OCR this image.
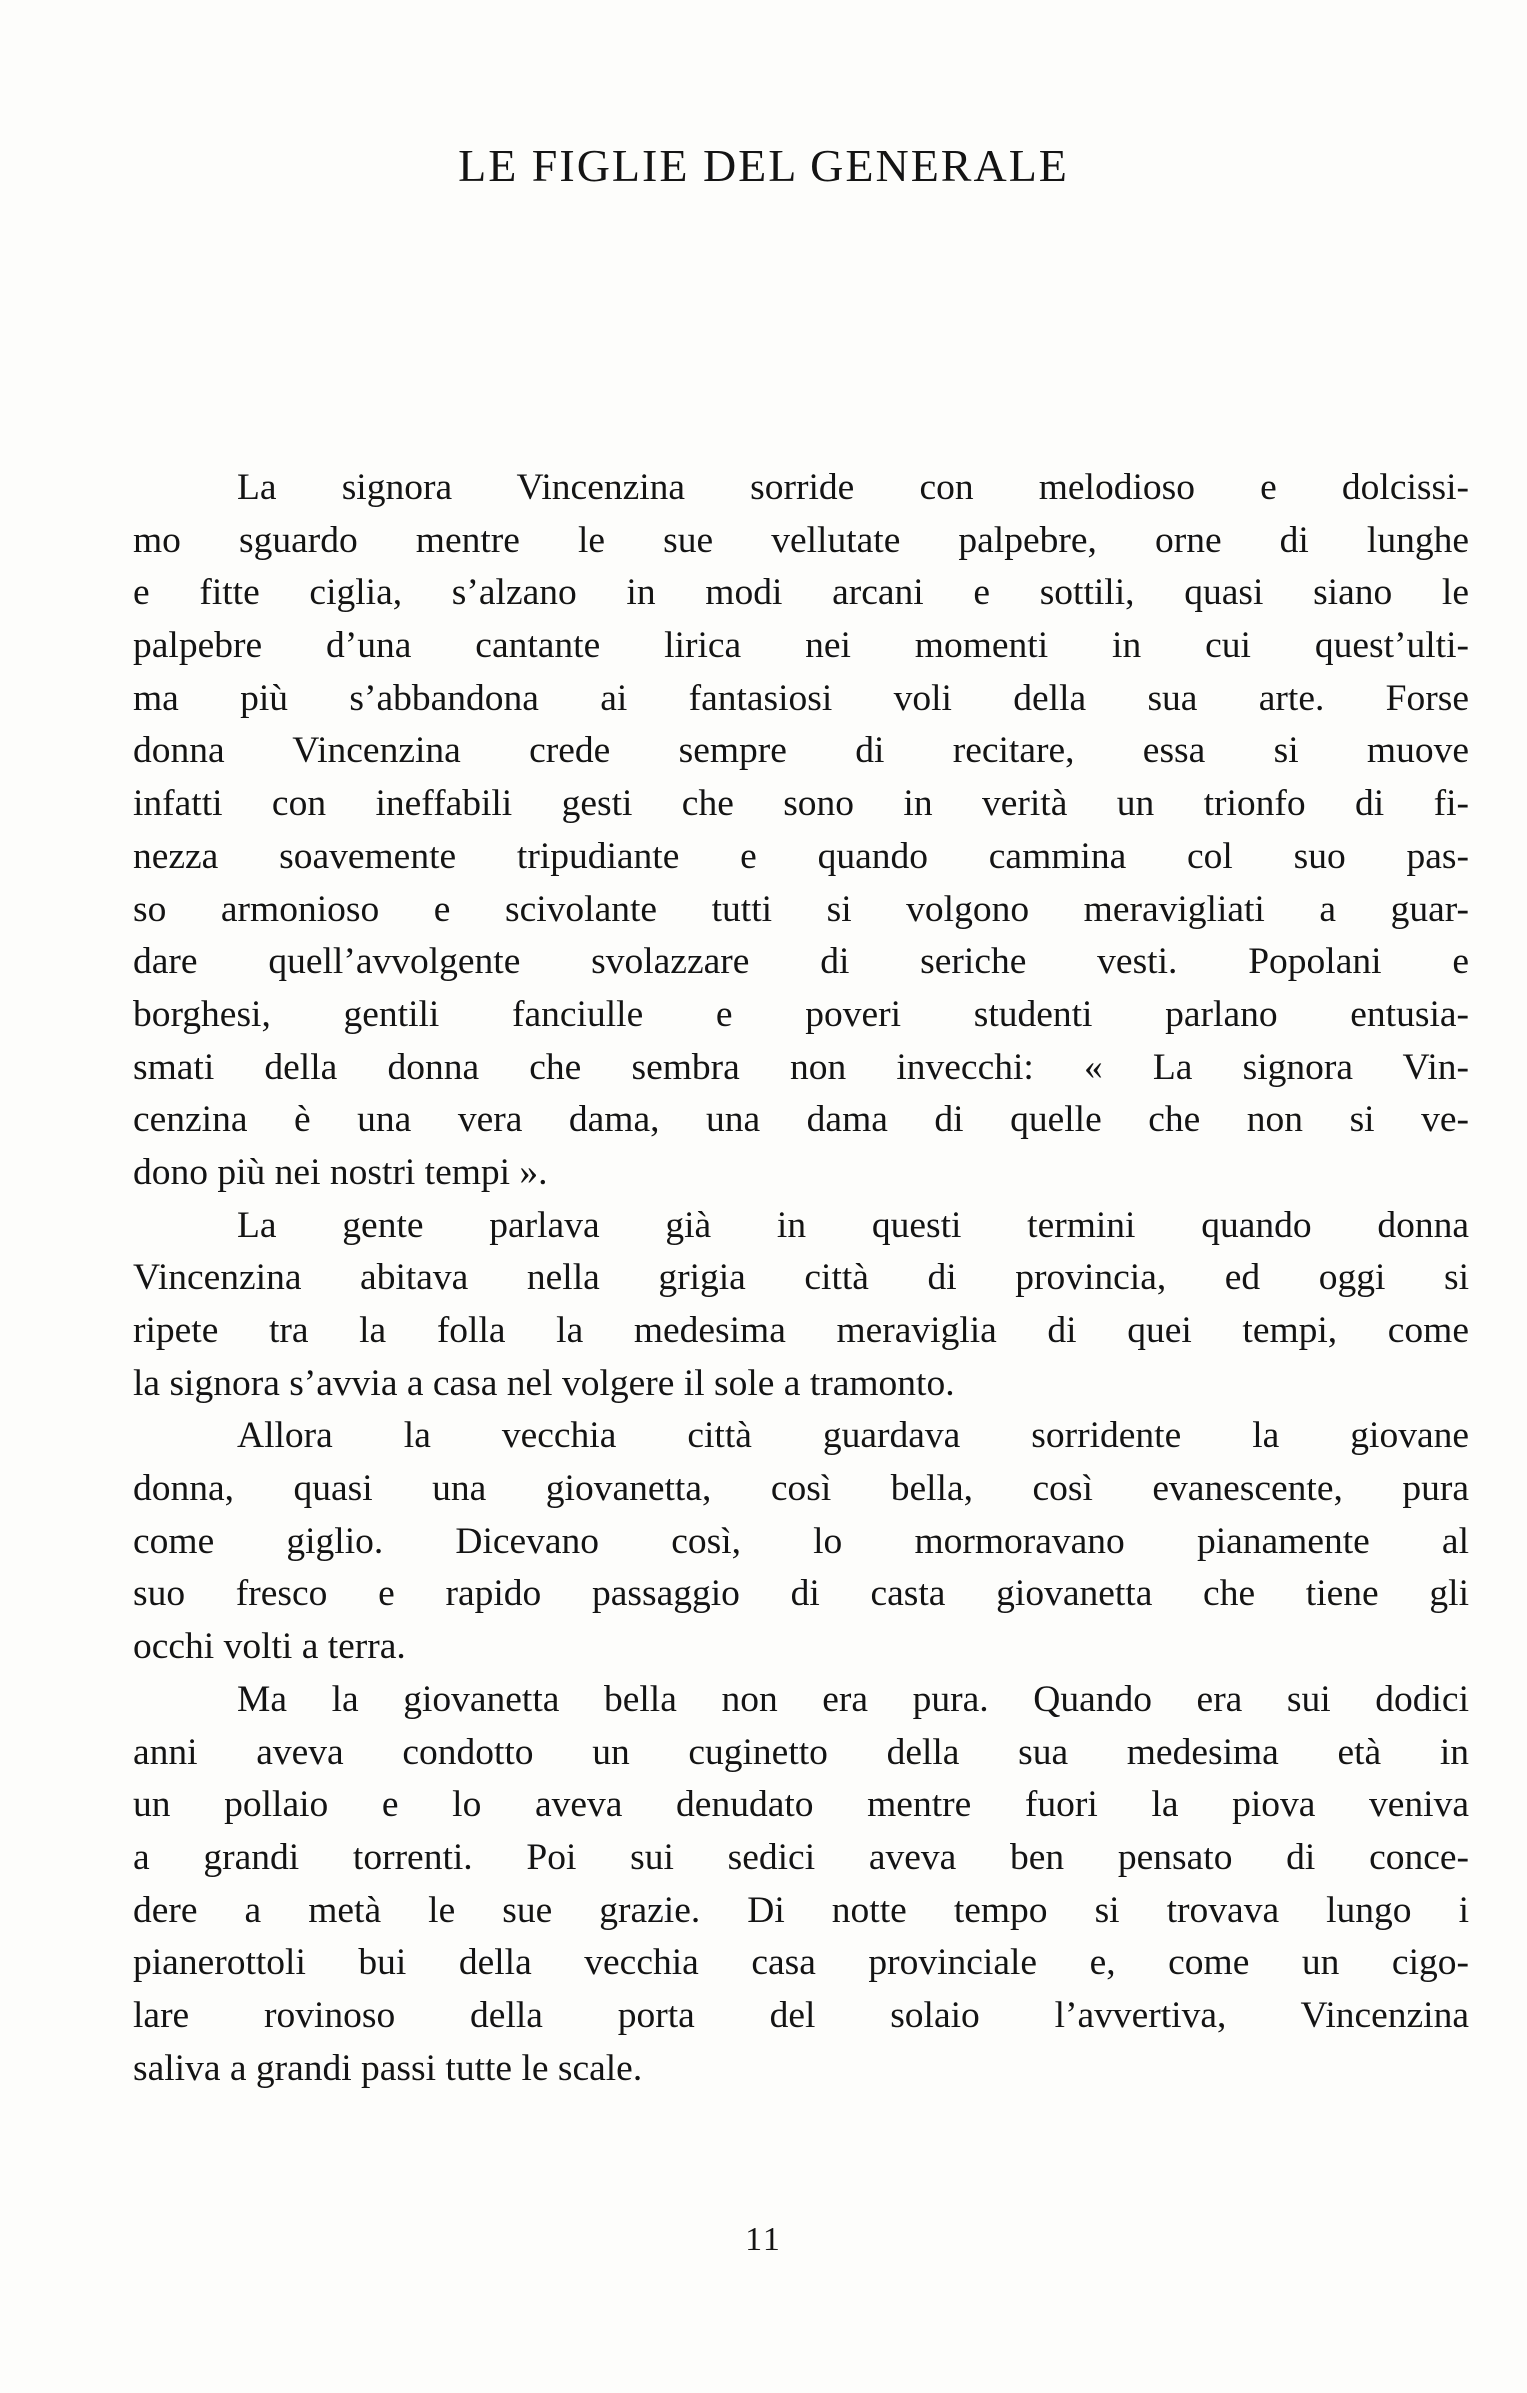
LE FIGLIE DEL GENERALE
La signora Vincenzina sorride con melodioso e dolcissi-
mo sguardo mentre le sue vellutate palpebre, orne di lunghe
e fitte ciglia, s’alzano in modi arcani e sottili, quasi siano le
palpebre d’una cantante lirica nei momenti in cui quest’ulti-
ma più s’abbandona ai fantasiosi voli della sua arte. Forse
donna Vincenzina crede sempre di recitare, essa si muove
infatti con ineffabili gesti che sono in verità un trionfo di fi-
nezza soavemente tripudiante e quando cammina col suo pas-
so armonioso e scivolante tutti si volgono meravigliati a guar-
dare quell’avvolgente svolazzare di seriche vesti. Popolani e
borghesi, gentili fanciulle e poveri studenti parlano entusia-
smati della donna che sembra non invecchi: « La signora Vin-
cenzina è una vera dama, una dama di quelle che non si ve-
dono più nei nostri tempi ».
La gente parlava già in questi termini quando donna
Vincenzina abitava nella grigia città di provincia, ed oggi si
ripete tra la folla la medesima meraviglia di quei tempi, come
la signora s’avvia a casa nel volgere il sole a tramonto.
Allora la vecchia città guardava sorridente la giovane
donna, quasi una giovanetta, così bella, così evanescente, pura
come giglio. Dicevano così, lo mormoravano pianamente al
suo fresco e rapido passaggio di casta giovanetta che tiene gli
occhi volti a terra.
Ma la giovanetta bella non era pura. Quando era sui dodici
anni aveva condotto un cuginetto della sua medesima età in
un pollaio e lo aveva denudato mentre fuori la piova veniva
a grandi torrenti. Poi sui sedici aveva ben pensato di conce-
dere a metà le sue grazie. Di notte tempo si trovava lungo i
pianerottoli bui della vecchia casa provinciale e, come un cigo-
lare rovinoso della porta del solaio l’avvertiva, Vincenzina
saliva a grandi passi tutte le scale.
11
